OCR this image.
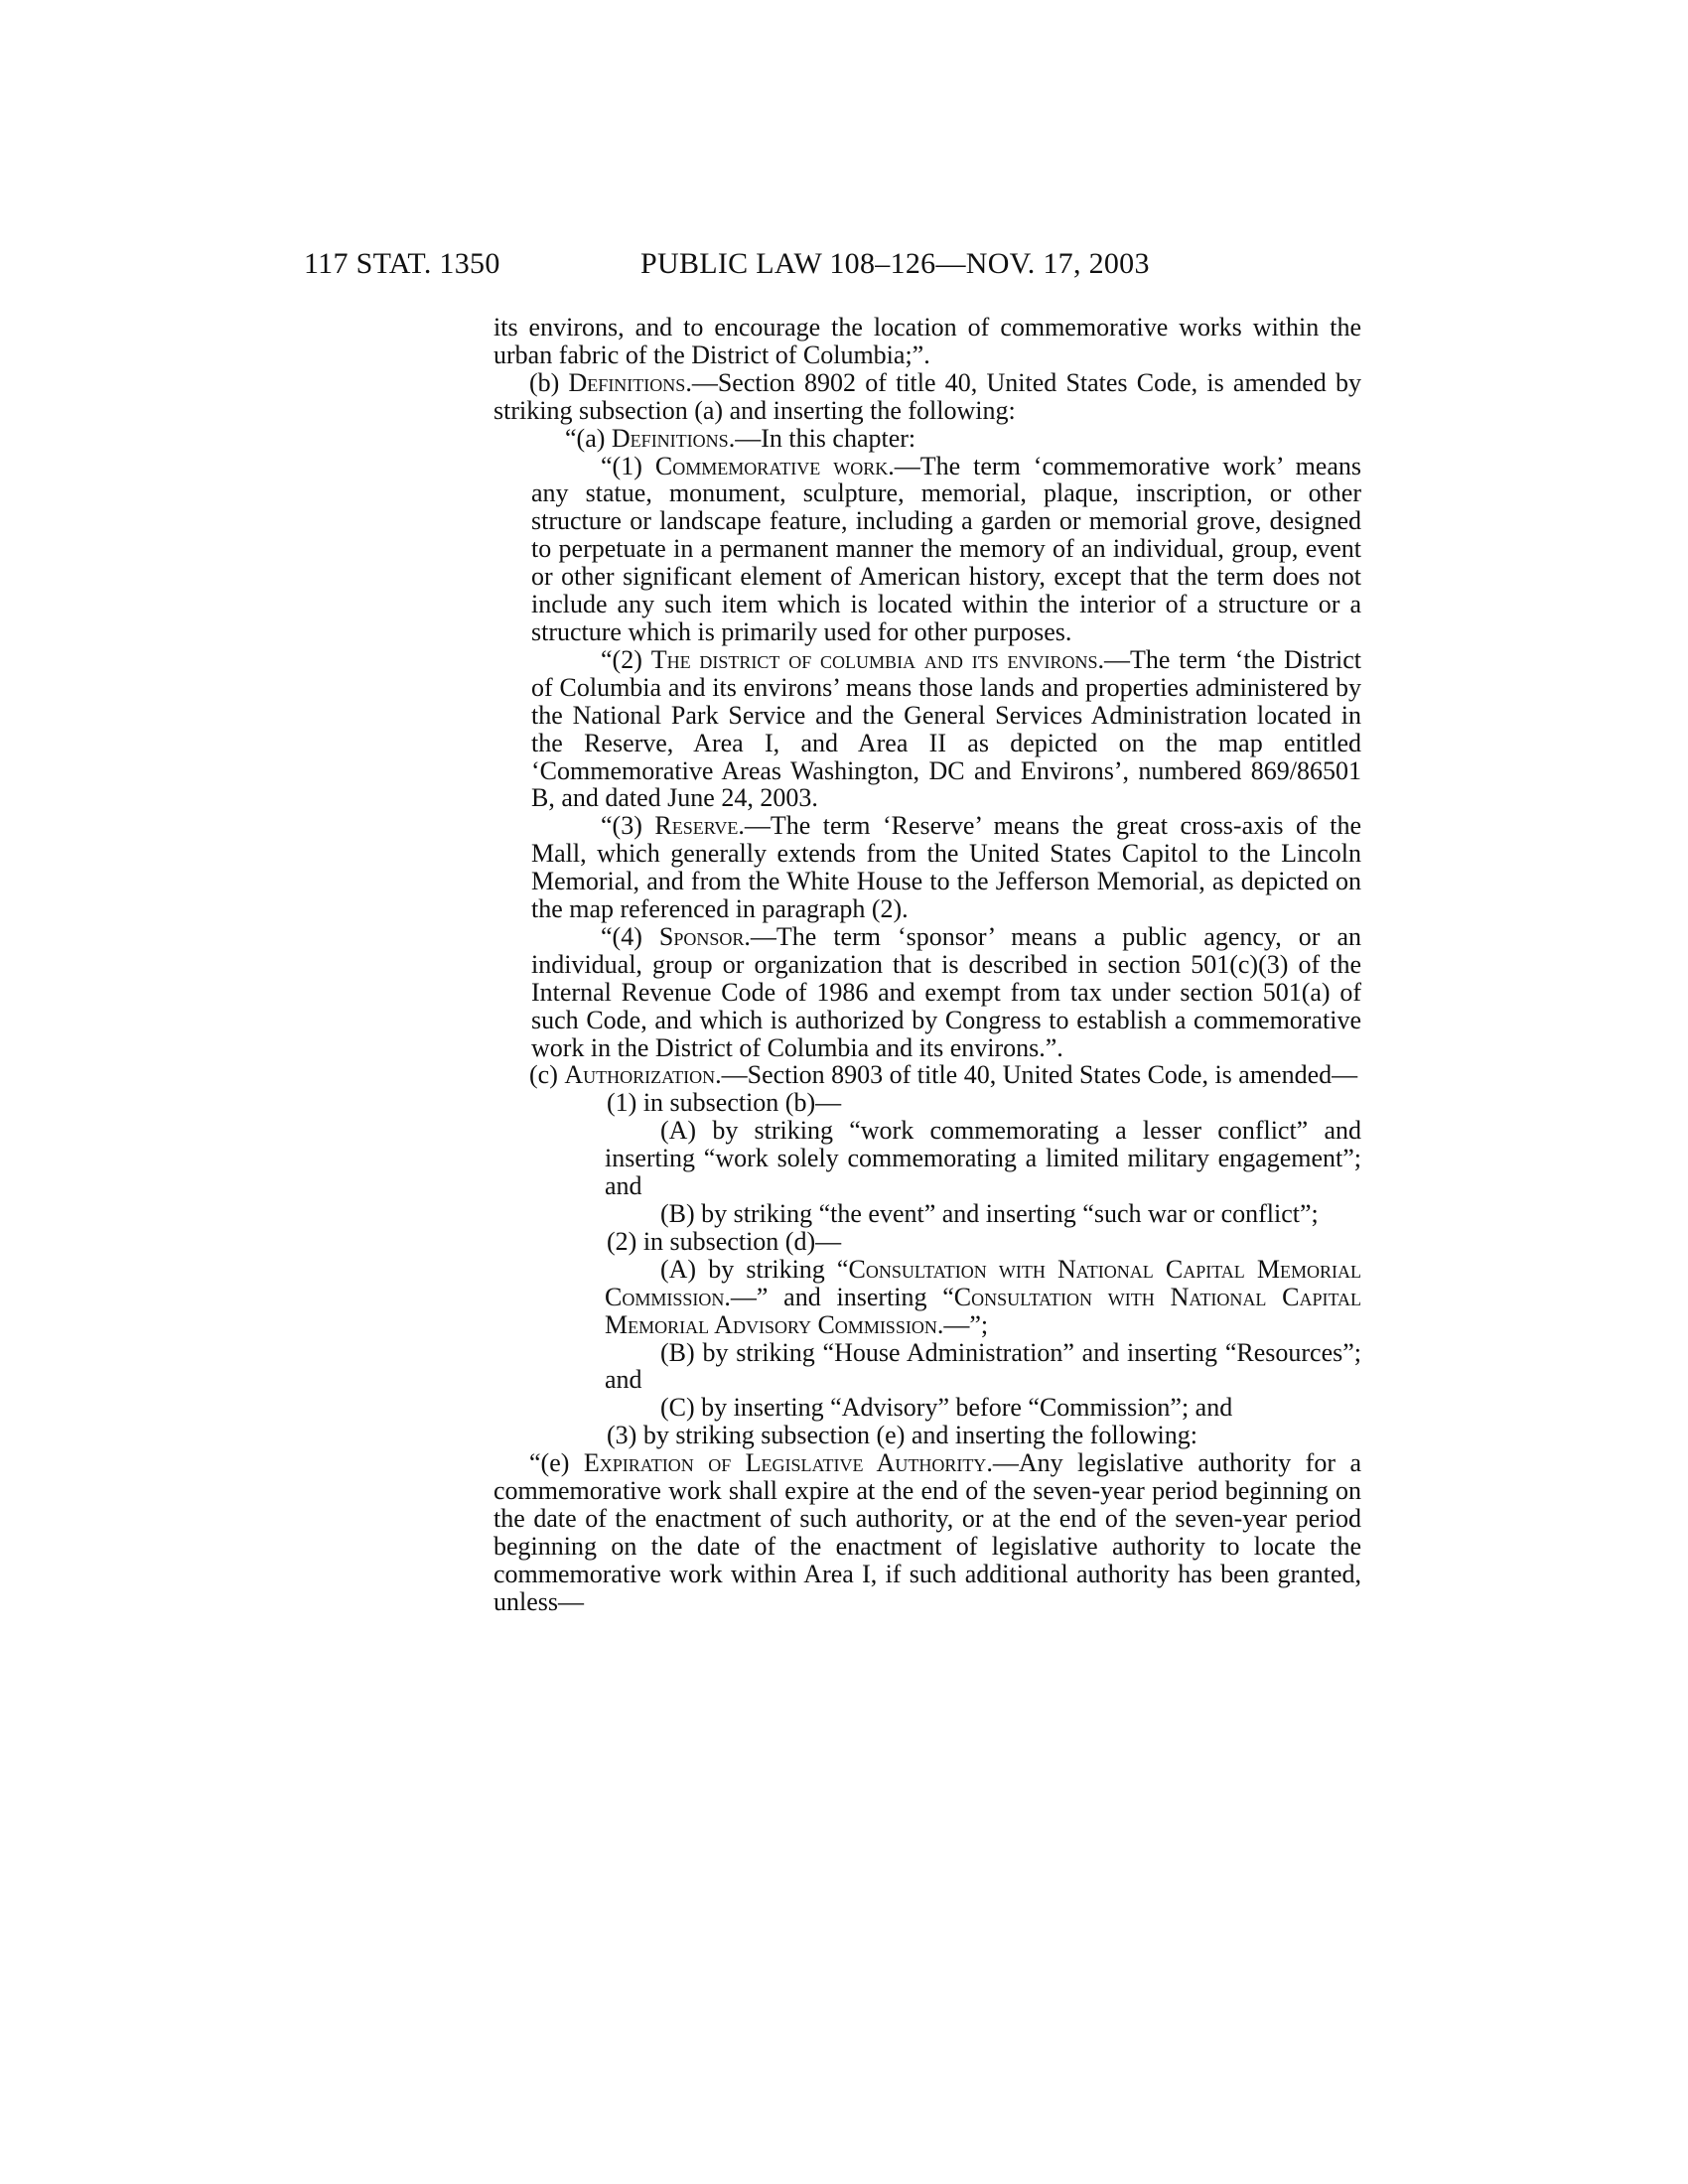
117 STAT. 1350	PUBLIC LAW 108–126—NOV. 17, 2003

its environs, and to encourage the location of commemorative works within the urban fabric of the District of Columbia;”.

(b) Definitions.—Section 8902 of title 40, United States Code, is amended by striking subsection (a) and inserting the following:

“(a) Definitions.—In this chapter:

“(1) Commemorative work.—The term ‘commemorative work’ means any statue, monument, sculpture, memorial, plaque, inscription, or other structure or landscape feature, including a garden or memorial grove, designed to perpetuate in a permanent manner the memory of an individual, group, event or other significant element of American history, except that the term does not include any such item which is located within the interior of a structure or a structure which is primarily used for other purposes.

“(2) The district of columbia and its environs.—The term ‘the District of Columbia and its environs’ means those lands and properties administered by the National Park Service and the General Services Administration located in the Reserve, Area I, and Area II as depicted on the map entitled ‘Commemorative Areas Washington, DC and Environs’, numbered 869/86501 B, and dated June 24, 2003.

“(3) Reserve.—The term ‘Reserve’ means the great cross-axis of the Mall, which generally extends from the United States Capitol to the Lincoln Memorial, and from the White House to the Jefferson Memorial, as depicted on the map referenced in paragraph (2).

“(4) Sponsor.—The term ‘sponsor’ means a public agency, or an individual, group or organization that is described in section 501(c)(3) of the Internal Revenue Code of 1986 and exempt from tax under section 501(a) of such Code, and which is authorized by Congress to establish a commemorative work in the District of Columbia and its environs.”.

(c) Authorization.—Section 8903 of title 40, United States Code, is amended—

(1) in subsection (b)—

(A) by striking “work commemorating a lesser conflict” and inserting “work solely commemorating a limited military engagement”; and

(B) by striking “the event” and inserting “such war or conflict”;

(2) in subsection (d)—

(A) by striking “Consultation with National Capital Memorial Commission.—” and inserting “Consultation with National Capital Memorial Advisory Commission.—”;

(B) by striking “House Administration” and inserting “Resources”; and

(C) by inserting “Advisory” before “Commission”; and

(3) by striking subsection (e) and inserting the following:

“(e) Expiration of Legislative Authority.—Any legislative authority for a commemorative work shall expire at the end of the seven-year period beginning on the date of the enactment of such authority, or at the end of the seven-year period beginning on the date of the enactment of legislative authority to locate the commemorative work within Area I, if such additional authority has been granted, unless—
